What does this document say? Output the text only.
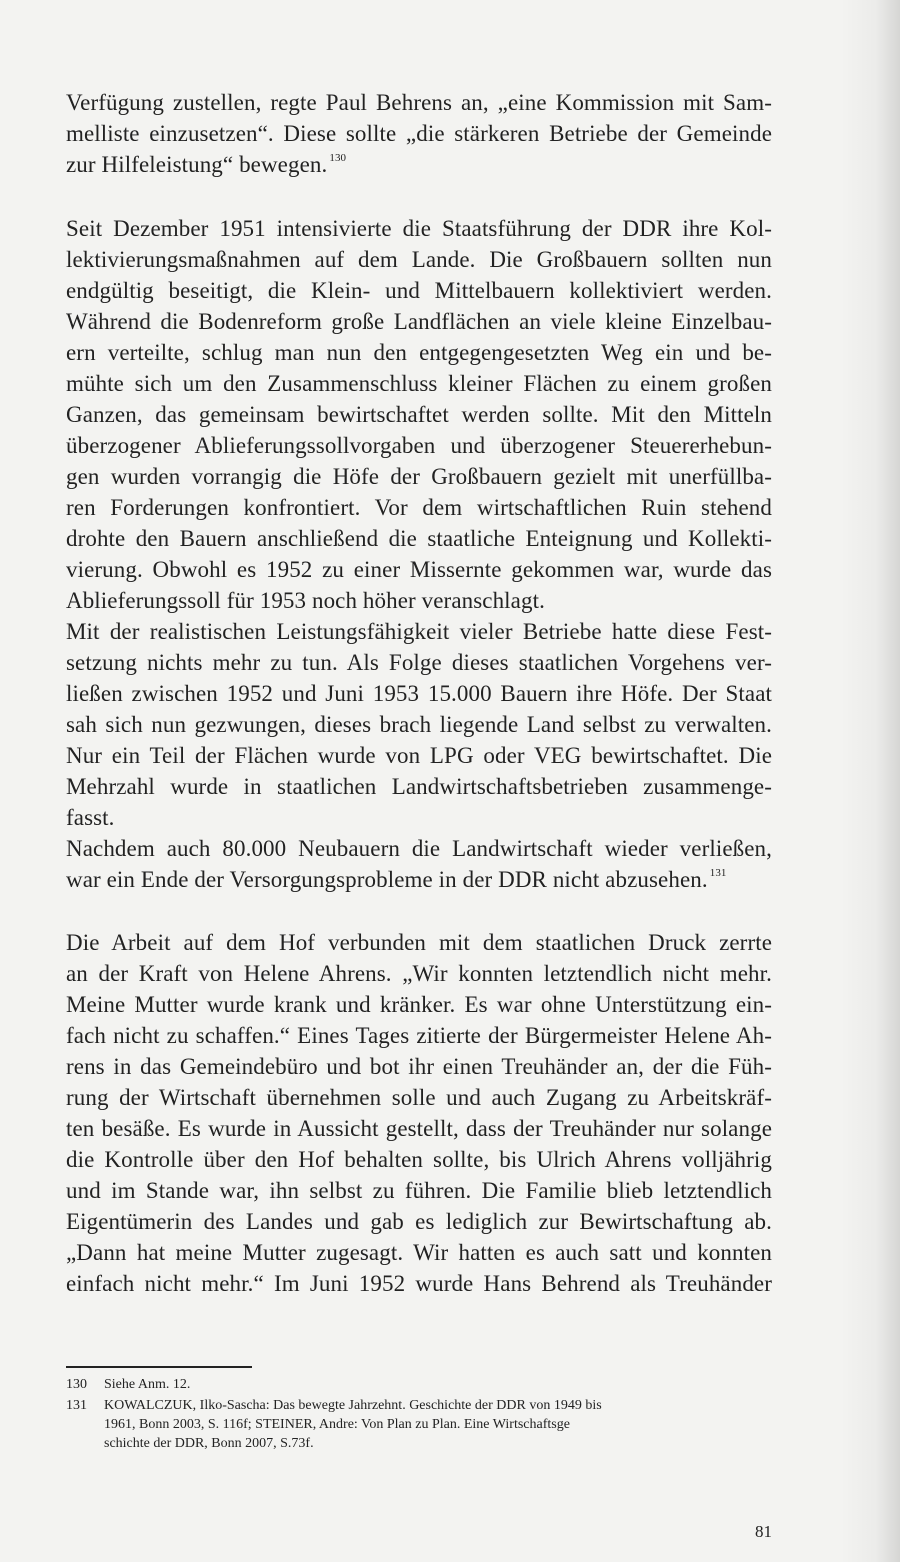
Verfügung zustellen, regte Paul Behrens an, „eine Kommission mit Sam-
melliste einzusetzen“. Diese sollte „die stärkeren Betriebe der Gemeinde
zur Hilfeleistung“ bewegen. $^{130}$
Seit Dezember 1951 intensivierte die Staatsführung der DDR ihre Kol-
lektivierungsmaßnahmen auf dem Lande. Die Großbauern sollten nun
endgültig beseitigt, die Klein- und Mittelbauern kollektiviert werden.
Während die Bodenreform große Landflächen an viele kleine Einzelbau-
ern verteilte, schlug man nun den entgegengesetzten Weg ein und be-
mühte sich um den Zusammenschluss kleiner Flächen zu einem großen
Ganzen, das gemeinsam bewirtschaftet werden sollte. Mit den Mitteln
überzogener Ablieferungssollvorgaben und überzogener Steuererhebun-
gen wurden vorrangig die Höfe der Großbauern gezielt mit unerfüllba-
ren Forderungen konfrontiert. Vor dem wirtschaftlichen Ruin stehend
drohte den Bauern anschließend die staatliche Enteignung und Kollekti-
vierung. Obwohl es 1952 zu einer Missernte gekommen war, wurde das
Ablieferungssoll für 1953 noch höher veranschlagt.
Mit der realistischen Leistungsfähigkeit vieler Betriebe hatte diese Fest-
setzung nichts mehr zu tun. Als Folge dieses staatlichen Vorgehens ver-
ließen zwischen 1952 und Juni 1953 15.000 Bauern ihre Höfe. Der Staat
sah sich nun gezwungen, dieses brach liegende Land selbst zu verwalten.
Nur ein Teil der Flächen wurde von LPG oder VEG bewirtschaftet. Die
Mehrzahl wurde in staatlichen Landwirtschaftsbetrieben zusammenge-
fasst.
Nachdem auch 80.000 Neubauern die Landwirtschaft wieder verließen,
war ein Ende der Versorgungsprobleme in der DDR nicht abzusehen. $^{131}$
Die Arbeit auf dem Hof verbunden mit dem staatlichen Druck zerrte
an der Kraft von Helene Ahrens. „Wir konnten letztendlich nicht mehr.
Meine Mutter wurde krank und kränker. Es war ohne Unterstützung ein-
fach nicht zu schaffen.“ Eines Tages zitierte der Bürgermeister Helene Ah-
rens in das Gemeindebüro und bot ihr einen Treuhänder an, der die Füh-
rung der Wirtschaft übernehmen solle und auch Zugang zu Arbeitskräf-
ten besäße. Es wurde in Aussicht gestellt, dass der Treuhänder nur solange
die Kontrolle über den Hof behalten sollte, bis Ulrich Ahrens volljährig
und im Stande war, ihn selbst zu führen. Die Familie blieb letztendlich
Eigentümerin des Landes und gab es lediglich zur Bewirtschaftung ab.
„Dann hat meine Mutter zugesagt. Wir hatten es auch satt und konnten
einfach nicht mehr.“ Im Juni 1952 wurde Hans Behrend als Treuhänder
130	Siehe Anm. 12.
131	KOWALCZUK, Ilko-Sascha: Das bewegte Jahrzehnt. Geschichte der DDR von 1949 bis
1961, Bonn 2003, S. 116f; STEINER, Andre: Von Plan zu Plan. Eine Wirtschaftsge
schichte der DDR, Bonn 2007, S.73f.
81
